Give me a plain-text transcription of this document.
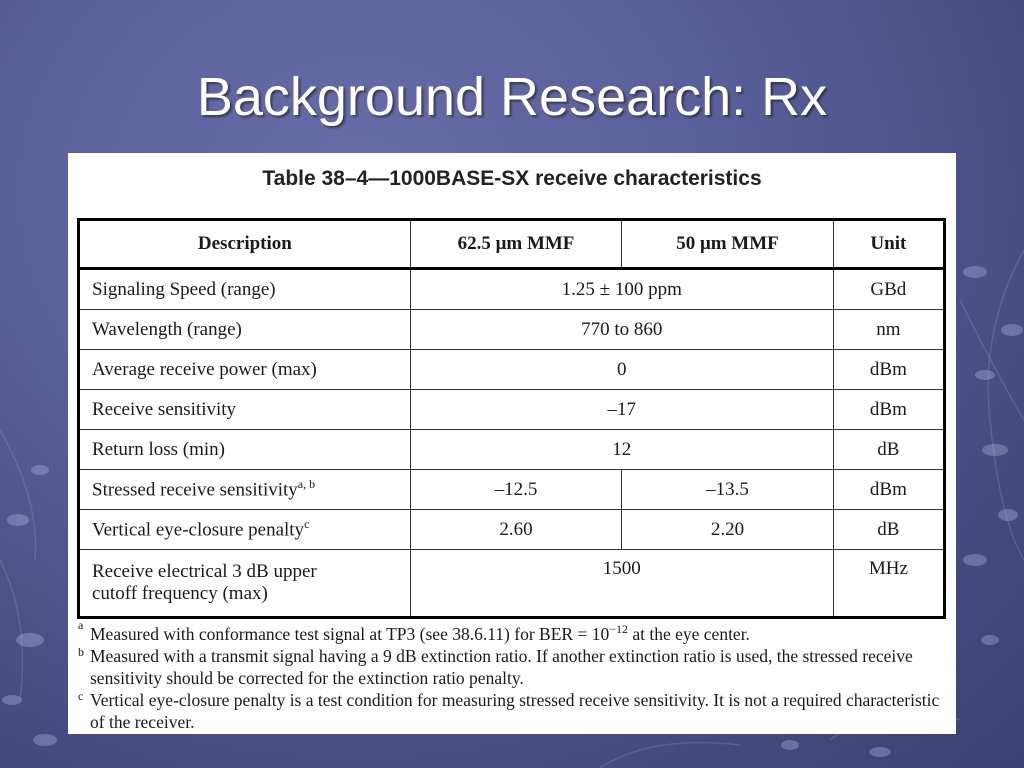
Background Research: Rx
Table 38–4—1000BASE-SX receive characteristics
Description	62.5 μm MMF	50 μm MMF	Unit
Signaling Speed (range)	1.25 ± 100 ppm		GBd
Wavelength (range)	770 to 860		nm
Average receive power (max)	0		dBm
Receive sensitivity	–17		dBm
Return loss (min)	12		dB
Stressed receive sensitivity$^{a, b}$	–12.5	–13.5	dBm
Vertical eye-closure penalty$^c$	2.60	2.20	dB
Receive electrical 3 dB upper
cutoff frequency (max)	1500		MHz
a Measured with conformance test signal at TP3 (see 38.6.11) for BER = $10^{-12}$ at the eye center.
b Measured with a transmit signal having a 9 dB extinction ratio. If another extinction ratio is used, the stressed receive sensitivity should be corrected for the extinction ratio penalty.
c Vertical eye-closure penalty is a test condition for measuring stressed receive sensitivity. It is not a required characteristic of the receiver.
